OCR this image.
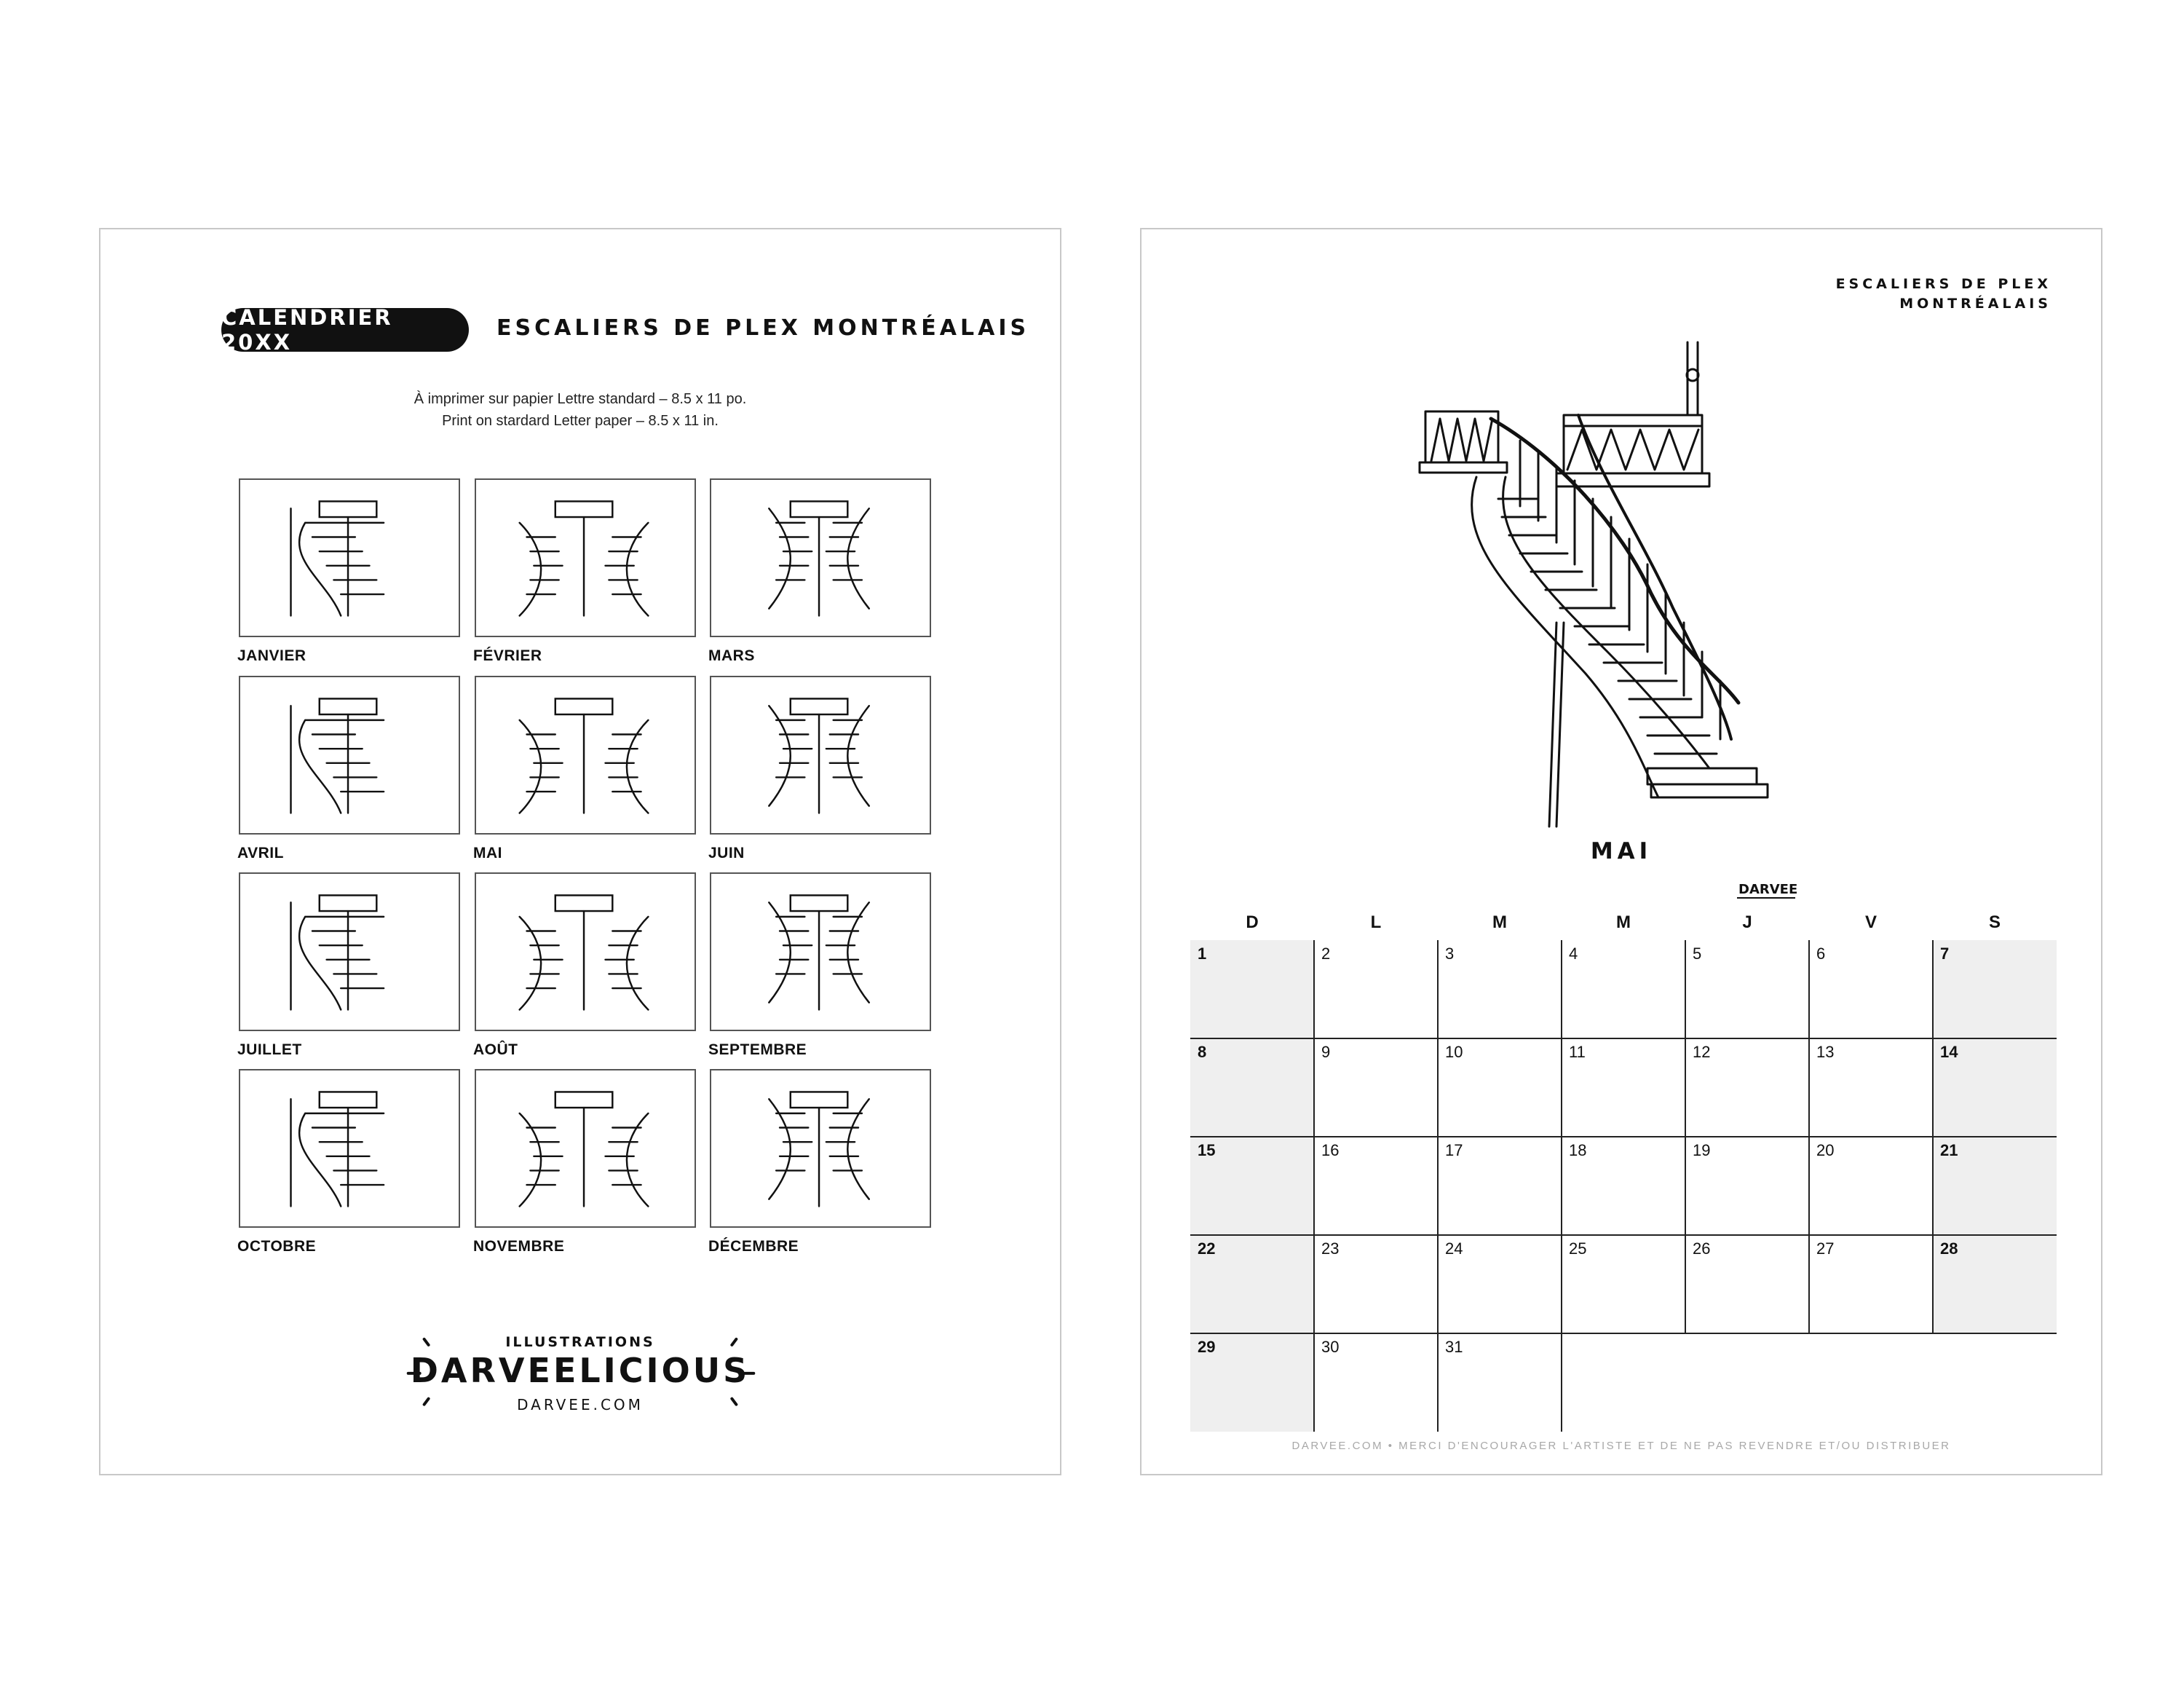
CALENDRIER 20XX
ESCALIERS DE PLEX MONTRÉALAIS
À imprimer sur papier Lettre standard – 8.5 x 11 po.
Print on stardard Letter paper – 8.5 x 11 in.
ILLUSTRATIONS
DARVEELICIOUS
DARVEE.COM
JANVIER	FÉVRIER	MARS
AVRIL	MAI	JUIN
JUILLET	AOÛT	SEPTEMBRE
OCTOBRE	NOVEMBRE	DÉCEMBRE
ESCALIERS DE PLEX
MONTRÉALAIS
DARVEE
MAI
DARVEE.COM • MERCI D'ENCOURAGER L'ARTISTE ET DE NE PAS REVENDRE ET/OU DISTRIBUER
D	L	M	M	J	V	S
1	2	3	4	5	6	7
8	9	10	11	12	13	14
15	16	17	18	19	20	21
22	23	24	25	26	27	28
29	30	31
